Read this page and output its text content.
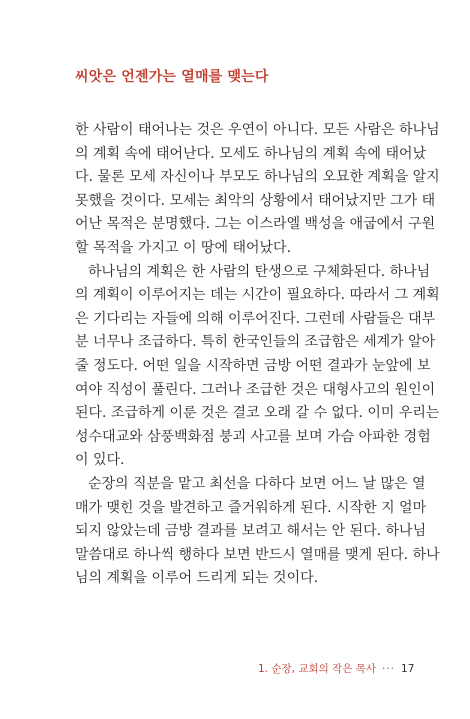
씨앗은 언젠가는 열매를 맺는다
한 사람이 태어나는 것은 우연이 아니다. 모든 사람은 하나님
의 계획 속에 태어난다. 모세도 하나님의 계획 속에 태어났
다. 물론 모세 자신이나 부모도 하나님의 오묘한 계획을 알지
못했을 것이다. 모세는 최악의 상황에서 태어났지만 그가 태
어난 목적은 분명했다. 그는 이스라엘 백성을 애굽에서 구원
할 목적을 가지고 이 땅에 태어났다.
하나님의 계획은 한 사람의 탄생으로 구체화된다. 하나님
의 계획이 이루어지는 데는 시간이 필요하다. 따라서 그 계획
은 기다리는 자들에 의해 이루어진다. 그런데 사람들은 대부
분 너무나 조급하다. 특히 한국인들의 조급함은 세계가 알아
줄 정도다. 어떤 일을 시작하면 금방 어떤 결과가 눈앞에 보
여야 직성이 풀린다. 그러나 조급한 것은 대형사고의 원인이
된다. 조급하게 이룬 것은 결코 오래 갈 수 없다. 이미 우리는
성수대교와 삼풍백화점 붕괴 사고를 보며 가슴 아파한 경험
이 있다.
순장의 직분을 맡고 최선을 다하다 보면 어느 날 많은 열
매가 맺힌 것을 발견하고 즐거워하게 된다. 시작한 지 얼마
되지 않았는데 금방 결과를 보려고 해서는 안 된다. 하나님
말씀대로 하나씩 행하다 보면 반드시 열매를 맺게 된다. 하나
님의 계획을 이루어 드리게 되는 것이다.
1. 순장, 교회의 작은 목사 ··· 17
